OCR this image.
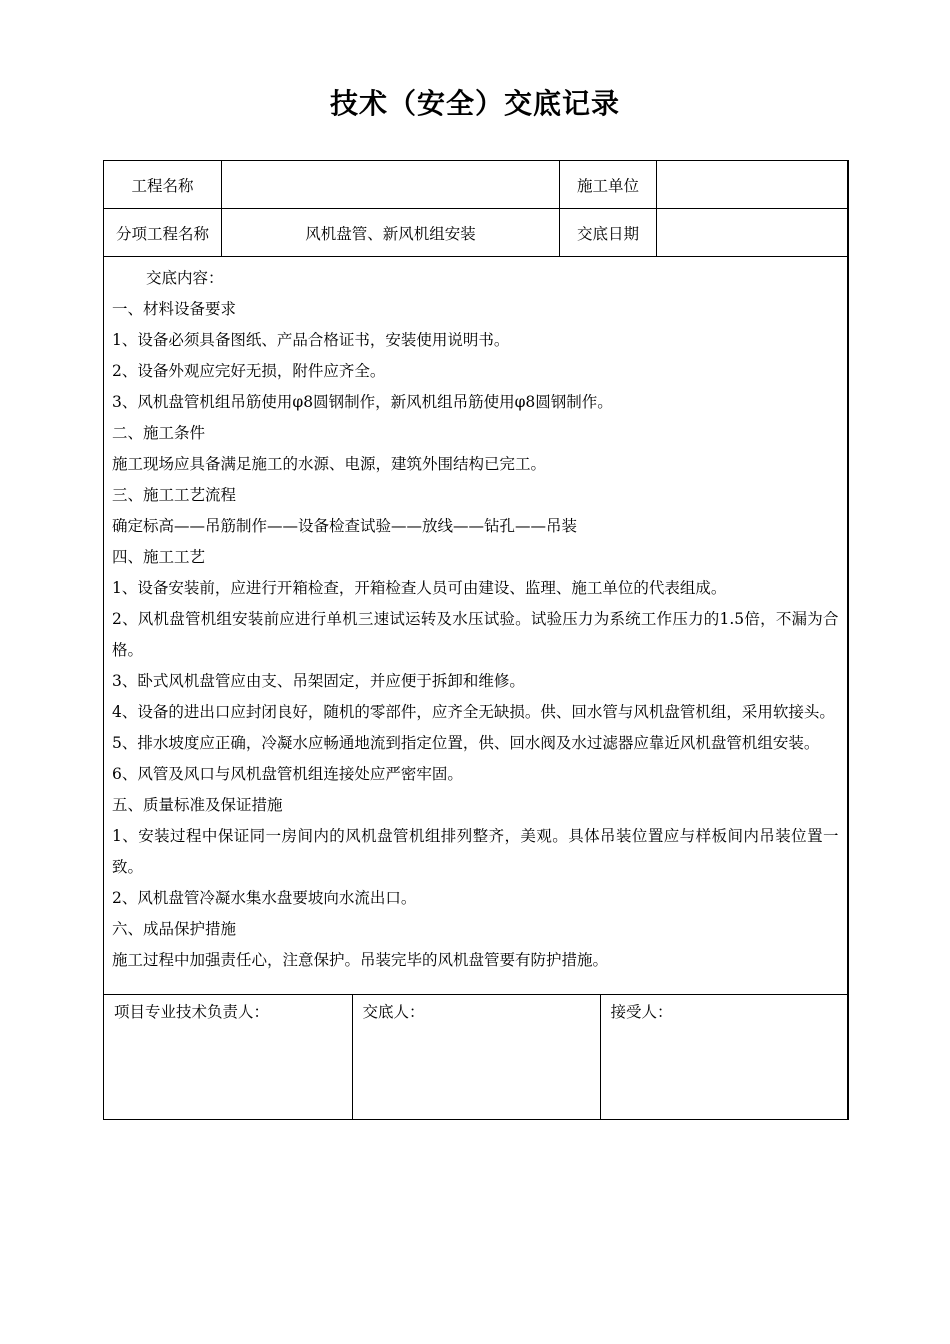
技术（安全）交底记录
工程名称		施工单位	
分项工程名称	风机盘管、新风机组安装	交底日期	

交底内容：

一、材料设备要求

1、设备必须具备图纸、产品合格证书，安装使用说明书。

2、设备外观应完好无损，附件应齐全。

3、风机盘管机组吊筋使用φ8圆钢制作，新风机组吊筋使用φ8圆钢制作。

二、施工条件

施工现场应具备满足施工的水源、电源，建筑外围结构已完工。

三、施工工艺流程

确定标高——吊筋制作——设备检查试验——放线——钻孔——吊装

四、施工工艺

1、设备安装前，应进行开箱检查，开箱检查人员可由建设、监理、施工单位的代表组成。

2、风机盘管机组安装前应进行单机三速试运转及水压试验。试验压力为系统工作压力的1.5倍，不漏为合格。

3、卧式风机盘管应由支、吊架固定，并应便于拆卸和维修。

4、设备的进出口应封闭良好，随机的零部件，应齐全无缺损。供、回水管与风机盘管机组，采用软接头。

5、排水坡度应正确，冷凝水应畅通地流到指定位置，供、回水阀及水过滤器应靠近风机盘管机组安装。

6、风管及风口与风机盘管机组连接处应严密牢固。

五、质量标准及保证措施

1、安装过程中保证同一房间内的风机盘管机组排列整齐，美观。具体吊装位置应与样板间内吊装位置一致。

2、风机盘管冷凝水集水盘要坡向水流出口。

六、成品保护措施

施工过程中加强责任心，注意保护。吊装完毕的风机盘管要有防护措施。

项目专业技术负责人：	交底人：	接受人：
